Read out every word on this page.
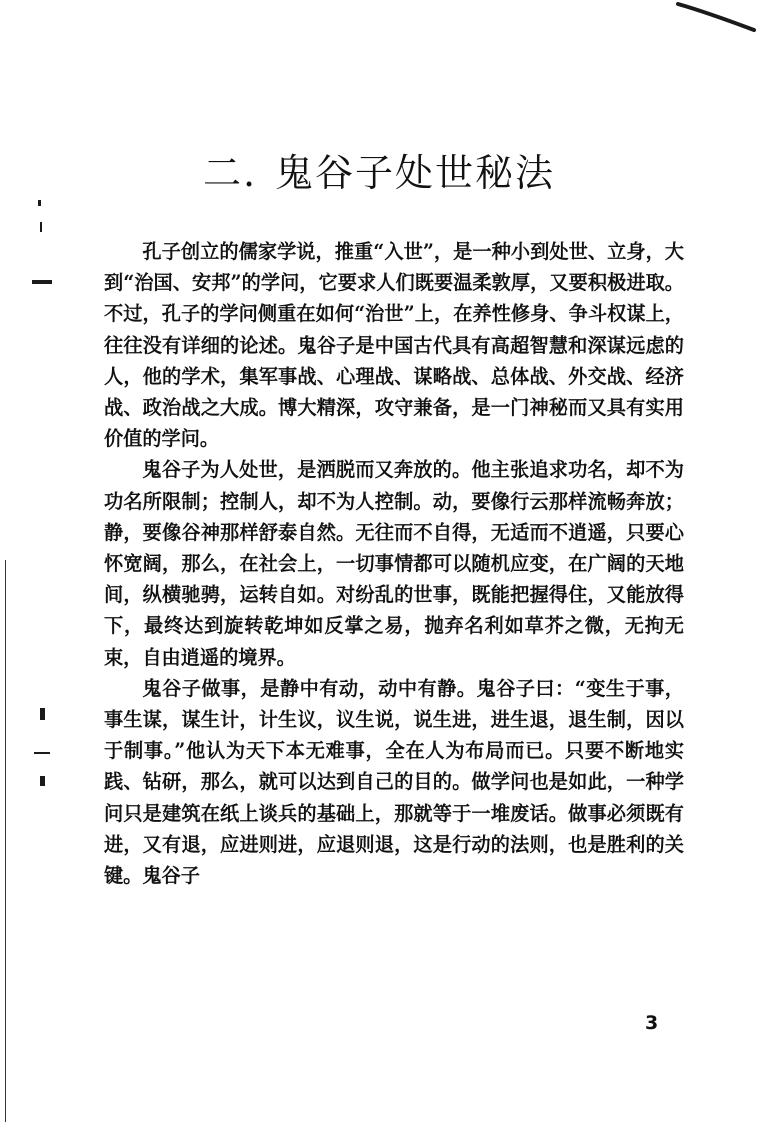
二. 鬼谷子处世秘法

孔子创立的儒家学说，推重“入世”，是一种小到处世、立身，大到“治国、安邦”的学问，它要求人们既要温柔敦厚，又要积极进取。不过，孔子的学问侧重在如何“治世”上，在养性修身、争斗权谋上，往往没有详细的论述。鬼谷子是中国古代具有高超智慧和深谋远虑的人，他的学术，集军事战、心理战、谋略战、总体战、外交战、经济战、政治战之大成。博大精深，攻守兼备，是一门神秘而又具有实用价值的学问。

鬼谷子为人处世，是洒脱而又奔放的。他主张追求功名，却不为功名所限制；控制人，却不为人控制。动，要像行云那样流畅奔放；静，要像谷神那样舒泰自然。无往而不自得，无适而不逍遥，只要心怀宽阔，那么，在社会上，一切事情都可以随机应变，在广阔的天地间，纵横驰骋，运转自如。对纷乱的世事，既能把握得住，又能放得下，最终达到旋转乾坤如反掌之易，抛弃名利如草芥之微，无拘无束，自由逍遥的境界。

鬼谷子做事，是静中有动，动中有静。鬼谷子曰：“变生于事，事生谋，谋生计，计生议，议生说，说生进，进生退，退生制，因以于制事。”他认为天下本无难事，全在人为布局而已。只要不断地实践、钻研，那么，就可以达到自己的目的。做学问也是如此，一种学问只是建筑在纸上谈兵的基础上，那就等于一堆废话。做事必须既有进，又有退，应进则进，应退则退，这是行动的法则，也是胜利的关键。鬼谷子

3
